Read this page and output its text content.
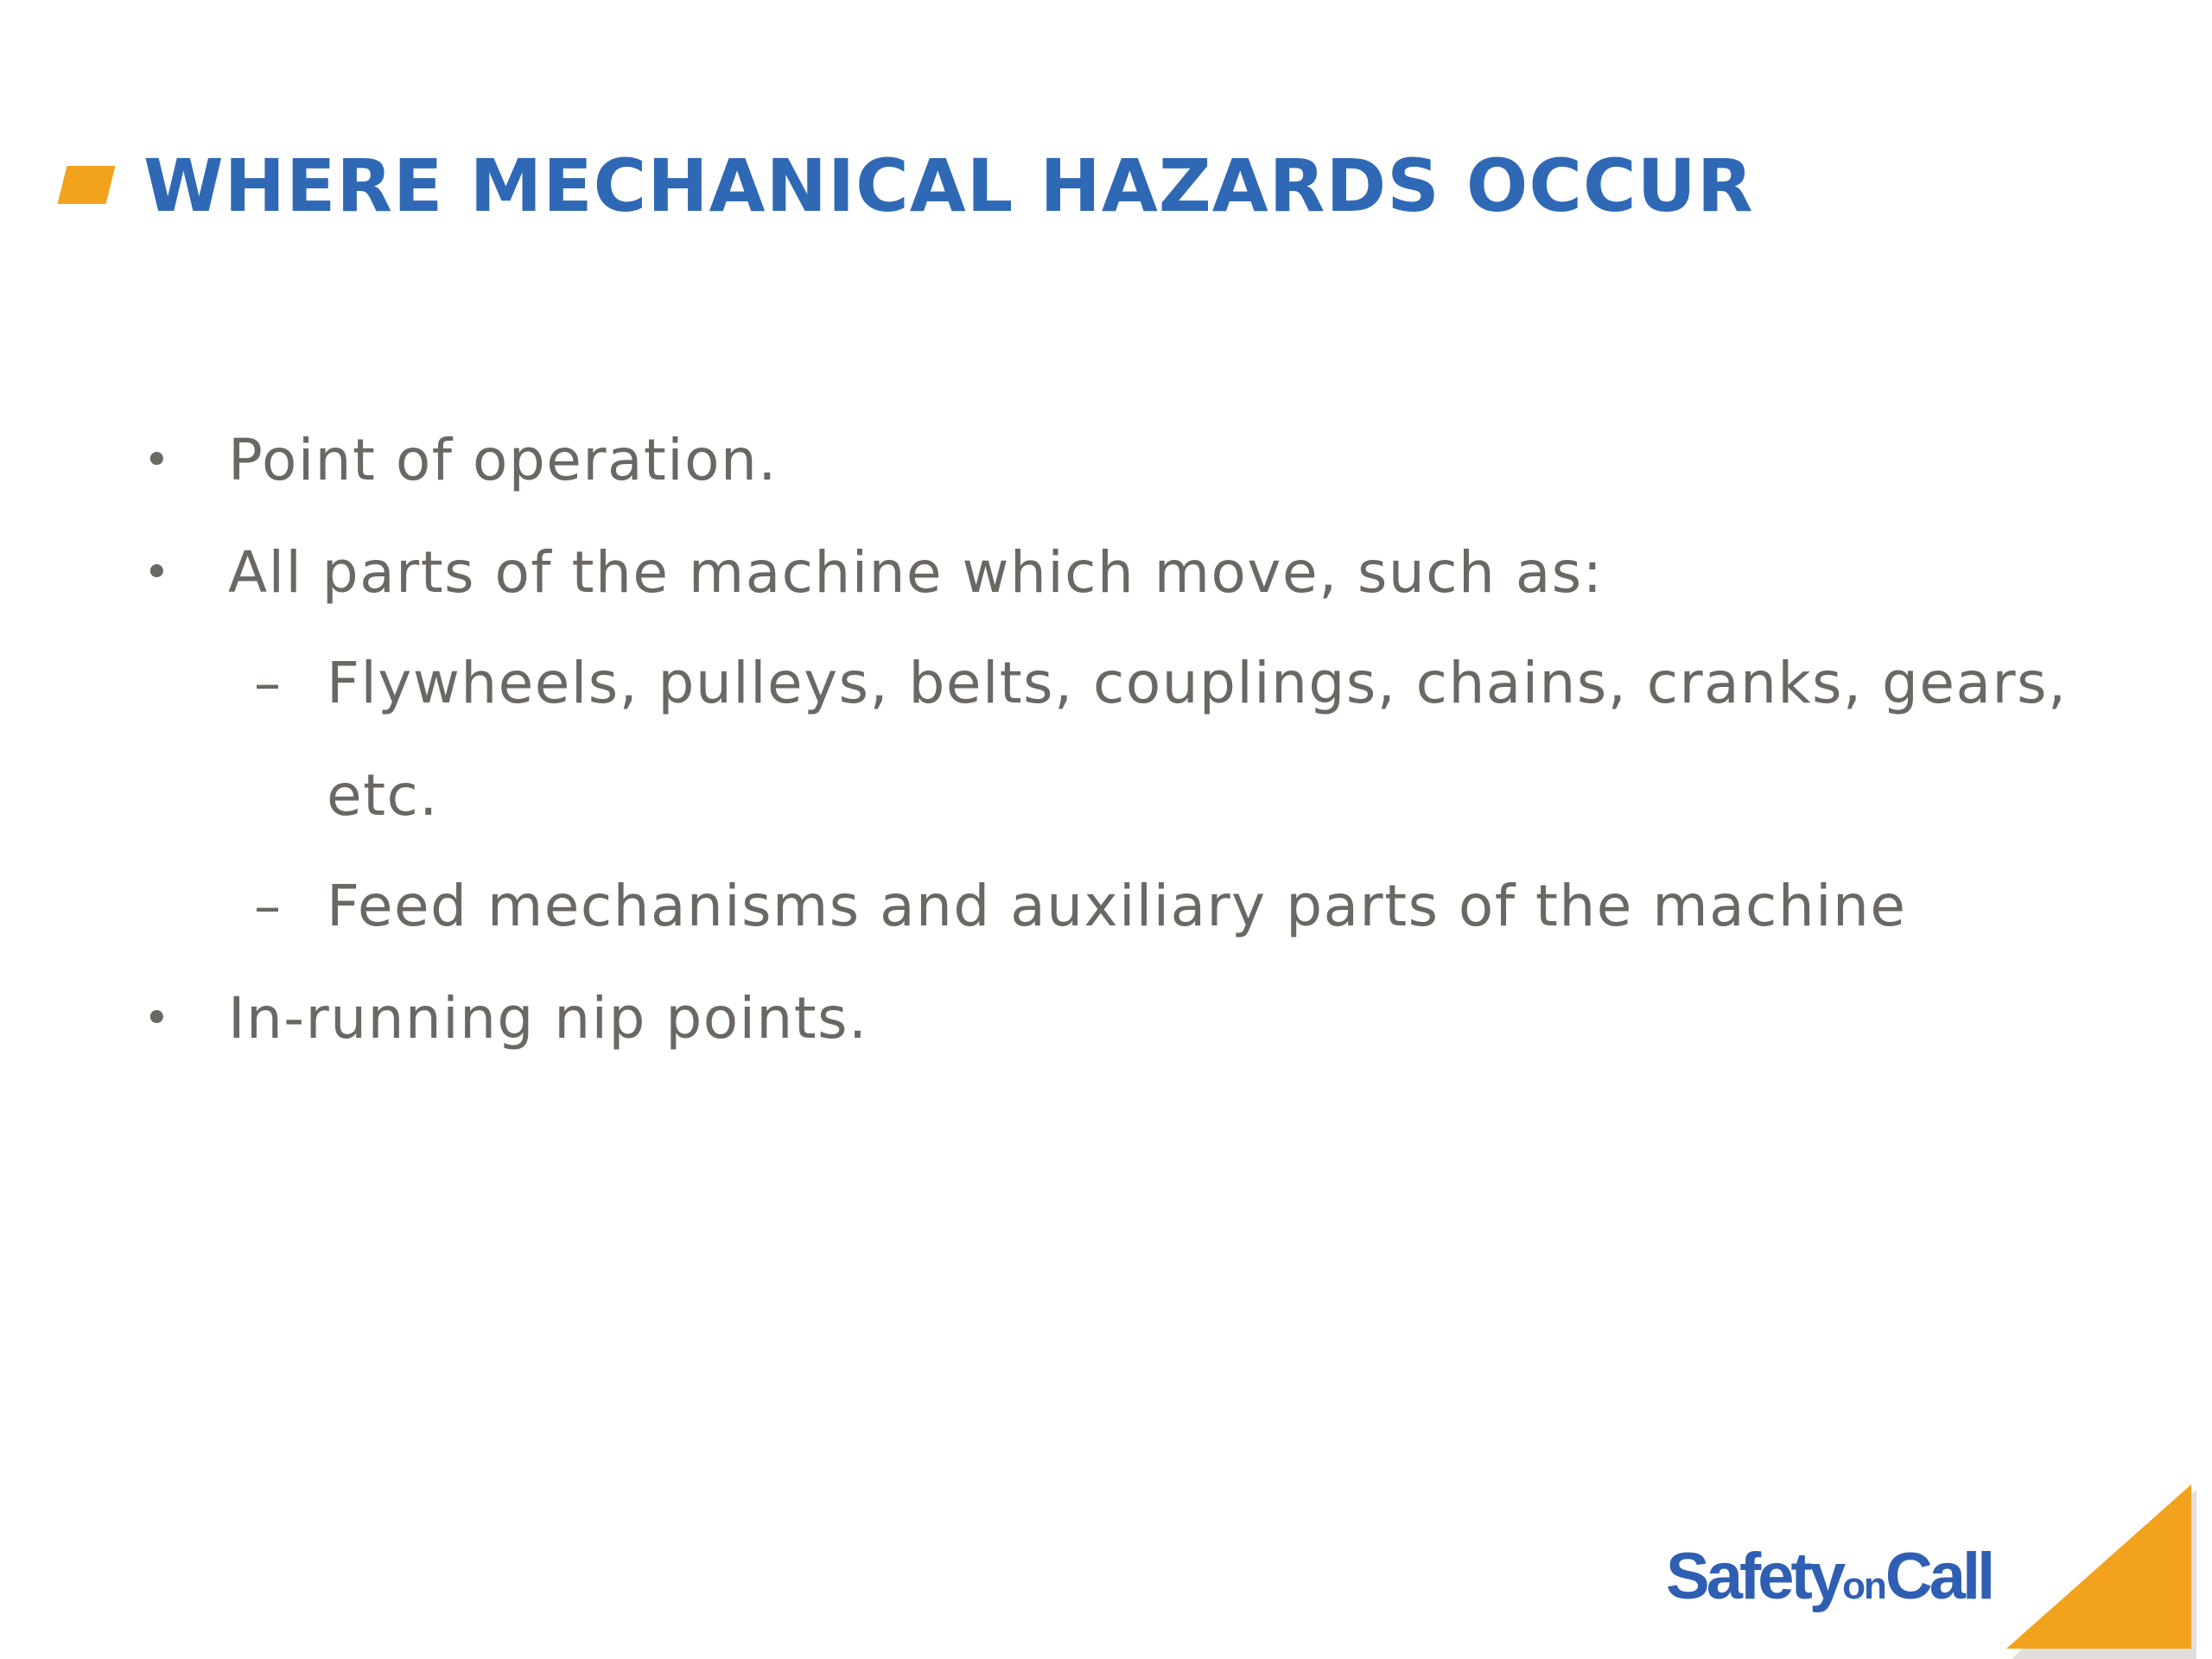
WHERE MECHANICAL HAZARDS OCCUR
• Point of operation.
• All parts of the machine which move, such as:
– Flywheels, pulleys, belts, couplings, chains, cranks, gears,
etc.
– Feed mechanisms and auxiliary parts of the machine
• In-running nip points.
SafetyonCall
